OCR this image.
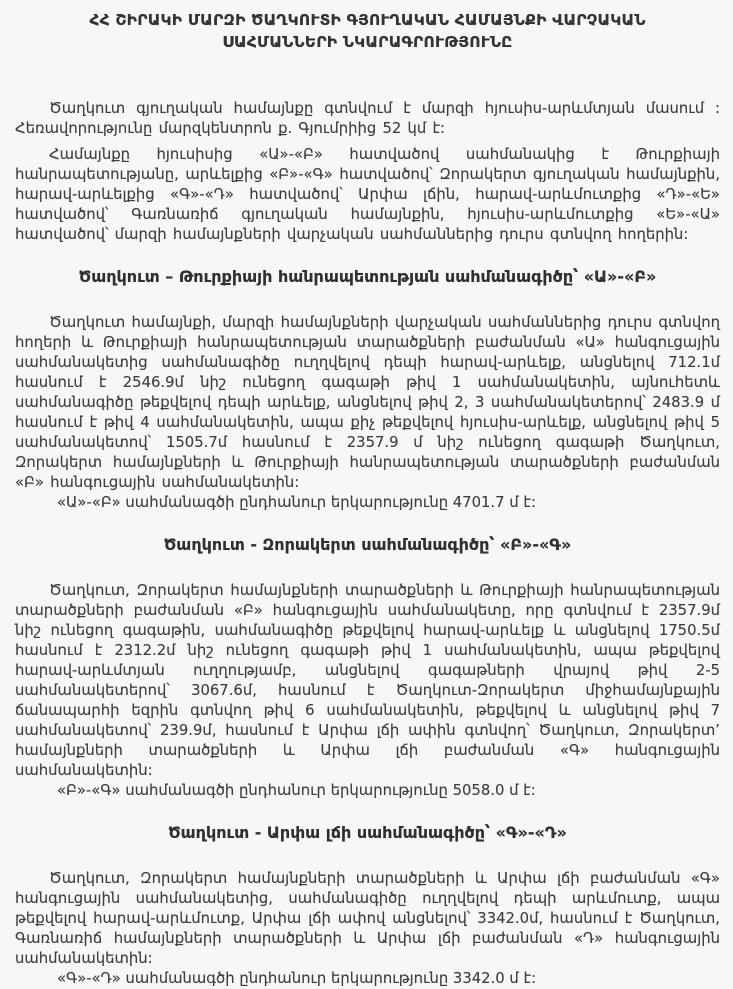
ՀՀ ՇԻՐԱԿԻ ՄԱՐԶԻ ԾԱՂԿՈՒՏԻ ԳՅՈՒՂԱԿԱՆ ՀԱՄԱՅՆՔԻ ՎԱՐՉԱԿԱՆ ՍԱՀՄԱՆՆԵՐԻ ՆԿԱՐԱԳՐՈՒԹՅՈՒՆԸ

Ծաղկուտ գյուղական համայնքը գտնվում է մարզի հյուսիս-արևմտյան մասում : Հեռավորությունը մարզկենտրոն ք. Գյումրիից 52 կմ է:

Համայնքը հյուսիսից «Ա»-«Բ» հատվածով սահմանակից է Թուրքիայի հանրապետությանը, արևելքից «Բ»-«Գ» հատվածով՝ Զորակերտ գյուղական համայնքին, հարավ-արևելքից «Գ»-«Դ» հատվածով՝ Արփա լճին, հարավ-արևմուտքից «Դ»-«Ե» հատվածով՝ Գառնառիճ գյուղական համայնքին, հյուսիս-արևմուտքից «Ե»-«Ա» հատվածով՝ մարզի համայնքների վարչական սահմաններից դուրս գտնվող հողերին:

Ծաղկուտ – Թուրքիայի հանրապետության սահմանագիծը՝ «Ա»-«Բ»

Ծաղկուտ համայնքի, մարզի համայնքների վարչական սահմաններից դուրս գտնվող հողերի և Թուրքիայի հանրապետության տարածքների բաժանման «Ա» հանգուցային սահմանակետից սահմանագիծը ուղղվելով դեպի հարավ-արևելք, անցնելով 712.1մ հասնում է 2546.9մ նիշ ունեցող գագաթի թիվ 1 սահմանակետին, այնուհետև սահմանագիծը թեքվելով դեպի արևելք, անցնելով թիվ 2, 3 սահմանակետերով՝ 2483.9 մ հասնում է թիվ 4 սահմանակետին, ապա քիչ թեքվելով հյուսիս-արևելք, անցնելով թիվ 5 սահմանակետով՝ 1505.7մ հասնում է 2357.9 մ նիշ ունեցող գագաթի Ծաղկուտ, Զորակերտ համայնքների և Թուրքիայի հանրապետության տարածքների բաժանման «Բ» հանգուցային սահմանակետին:

«Ա»-«Բ» սահմանագծի ընդհանուր երկարությունը 4701.7 մ է:

Ծաղկուտ - Զորակերտ սահմանագիծը՝ «Բ»-«Գ»

Ծաղկուտ, Զորակերտ համայնքների տարածքների և Թուրքիայի հանրապետության տարածքների բաժանման «Բ» հանգուցային սահմանակետը, որը գտնվում է 2357.9մ նիշ ունեցող գագաթին, սահմանագիծը թեքվելով հարավ-արևելք և անցնելով 1750.5մ հասնում է 2312.2մ նիշ ունեցող գագաթի թիվ 1 սահմանակետին, ապա թեքվելով հարավ-արևմտյան ուղղությամբ, անցնելով գագաթների վրայով թիվ 2-5 սահմանակետերով՝ 3067.6մ, հասնում է Ծաղկուտ-Զորակերտ միջհամայնքային ճանապարհի եզրին գտնվող թիվ 6 սահմանակետին, թեքվելով և անցնելով թիվ 7 սահմանակետով՝ 239.9մ, հասնում է Արփա լճի ափին գտնվող՝ Ծաղկուտ, Զորակերտ՚ համայնքների տարածքների և Արփա լճի բաժանման «Գ» հանգուցային սահմանակետին:

«Բ»-«Գ» սահմանագծի ընդհանուր երկարությունը 5058.0 մ է:

Ծաղկուտ - Արփա լճի սահմանագիծը՝ «Գ»-«Դ»

Ծաղկուտ, Զորակերտ համայնքների տարածքների և Արփա լճի բաժանման «Գ» հանգուցային սահմանակետից, սահմանագիծը ուղղվելով դեպի արևմուտք, ապա թեքվելով հարավ-արևմուտք, Արփա լճի ափով անցնելով՝ 3342.0մ, հասնում է Ծաղկուտ, Գառնառիճ համայնքների տարածքների և Արփա լճի բաժանման «Դ» հանգուցային սահմանակետին:

«Գ»-«Դ» սահմանագծի ընդհանուր երկարությունը 3342.0 մ է:
